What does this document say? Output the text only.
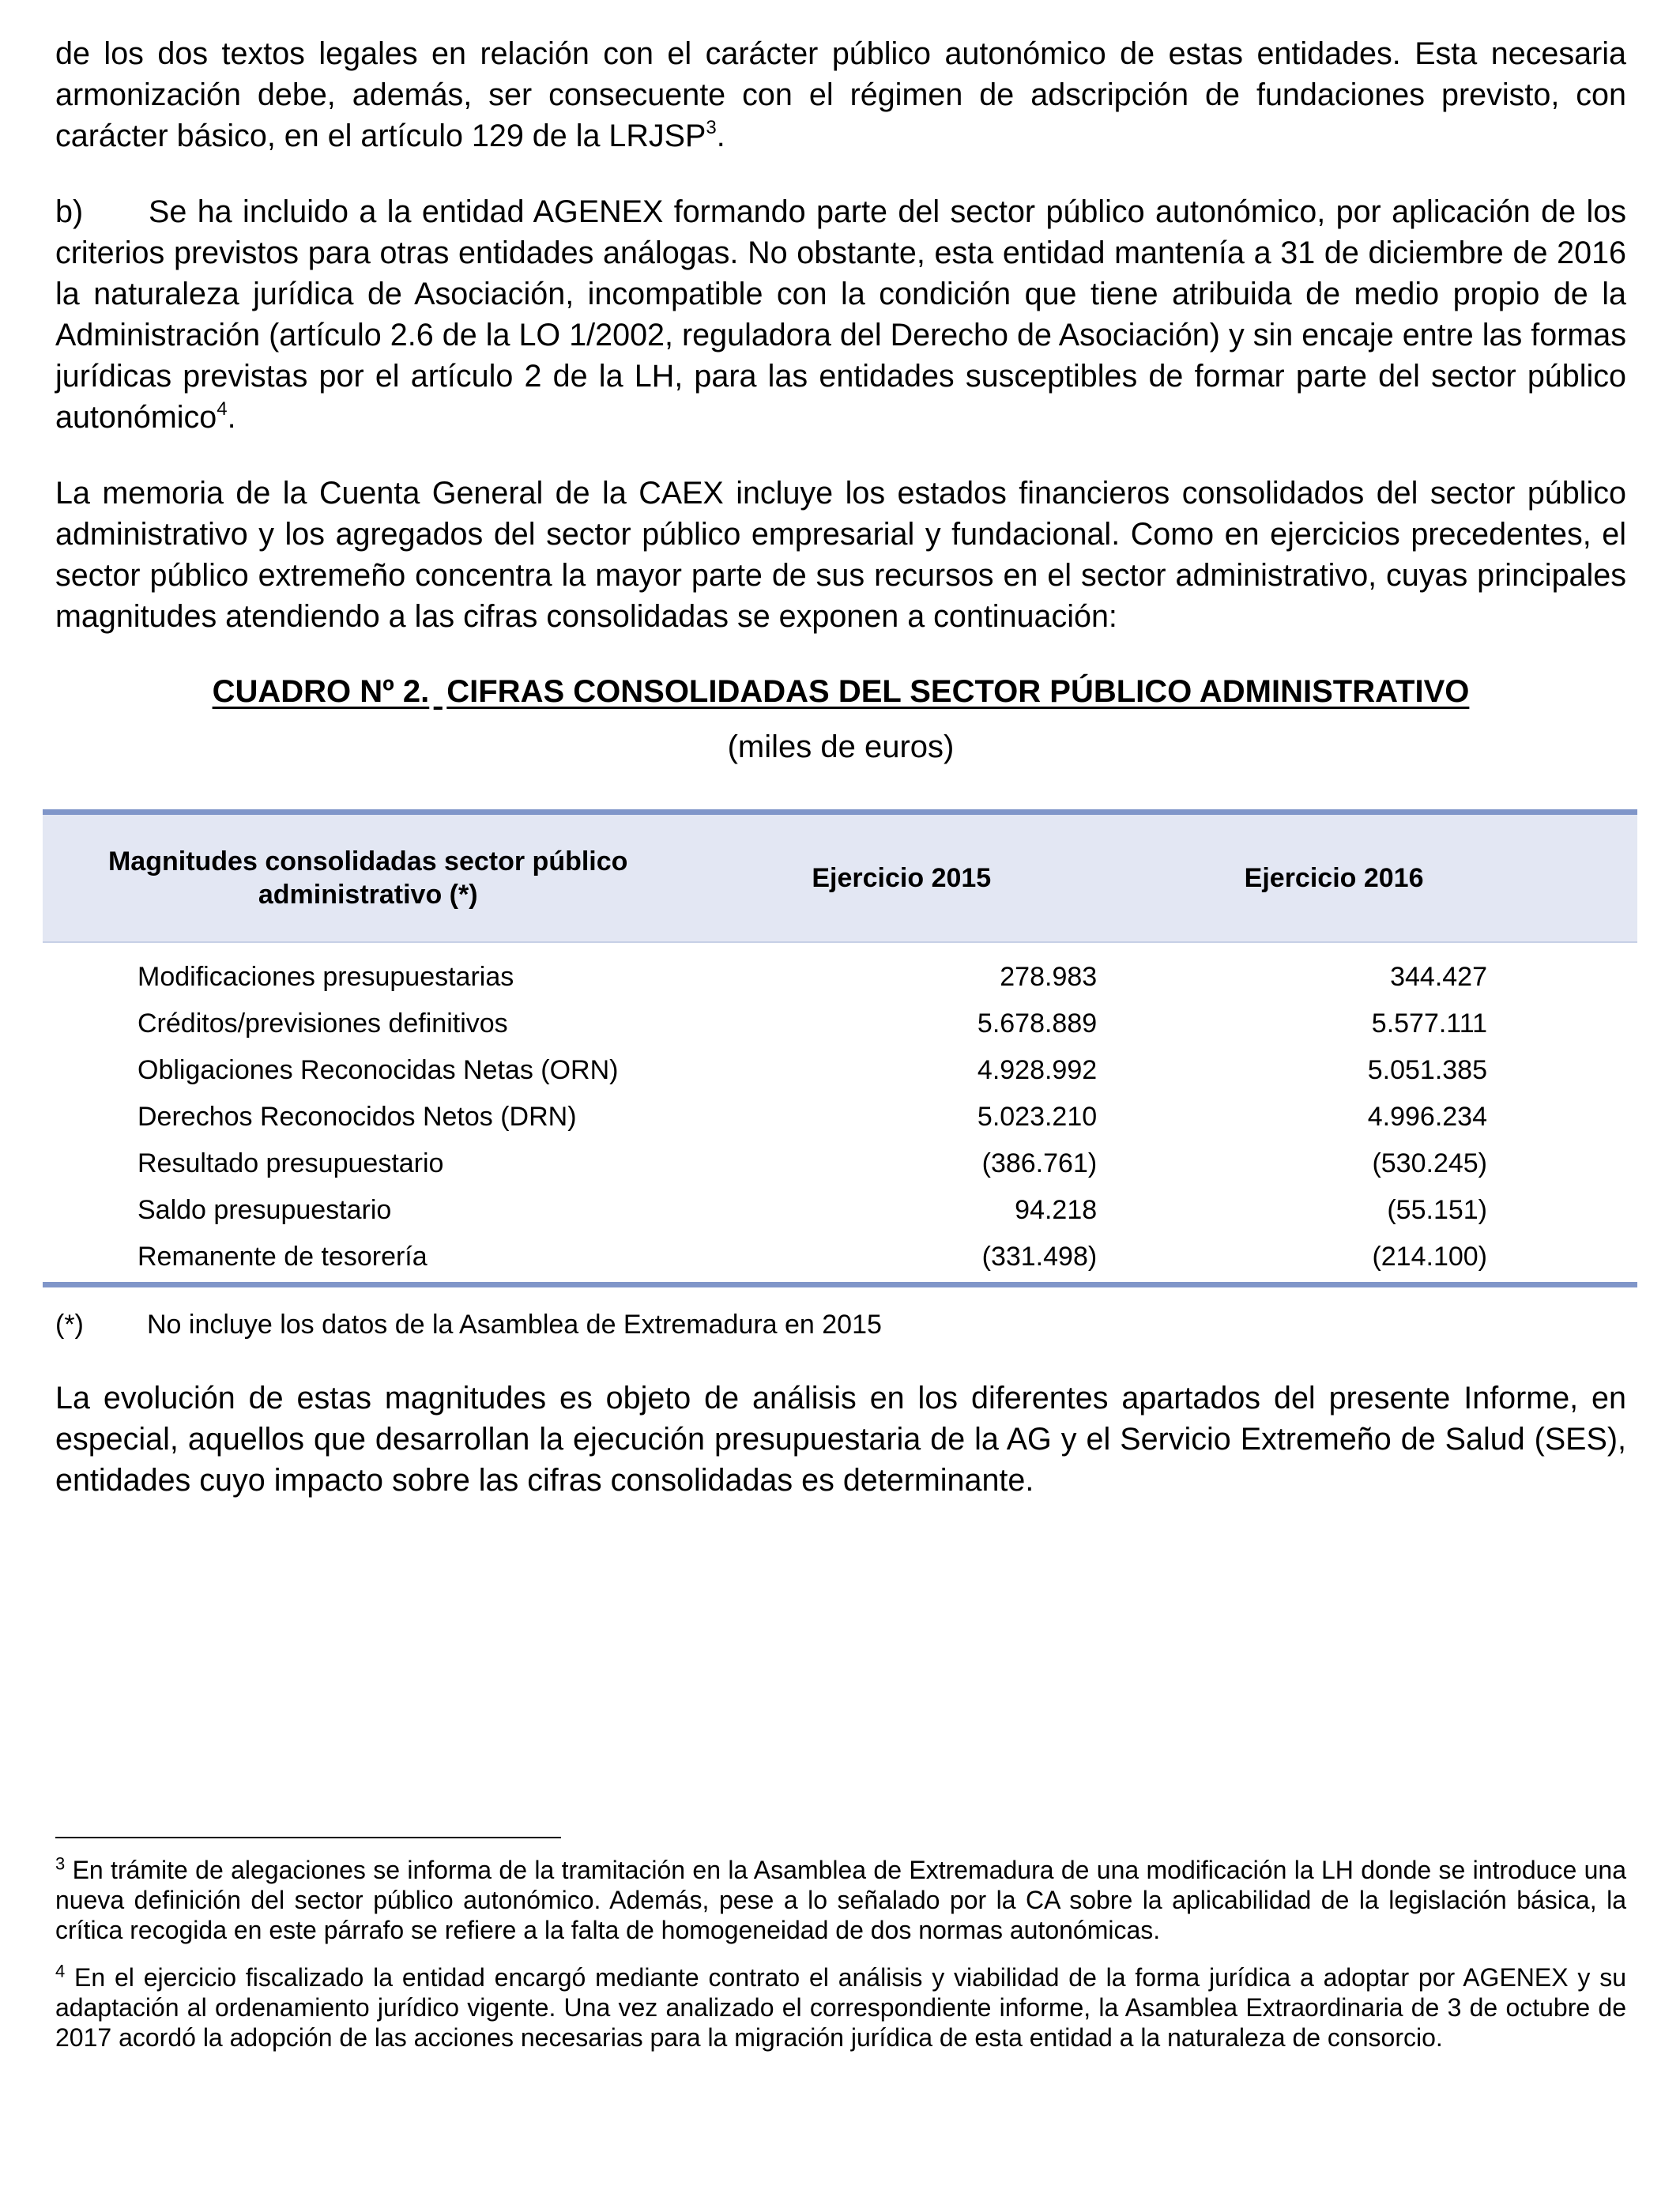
de los dos textos legales en relación con el carácter público autonómico de estas entidades. Esta necesaria armonización debe, además, ser consecuente con el régimen de adscripción de fundaciones previsto, con carácter básico, en el artículo 129 de la LRJSP$^3$.

b) Se ha incluido a la entidad AGENEX formando parte del sector público autonómico, por aplicación de los criterios previstos para otras entidades análogas. No obstante, esta entidad mantenía a 31 de diciembre de 2016 la naturaleza jurídica de Asociación, incompatible con la condición que tiene atribuida de medio propio de la Administración (artículo 2.6 de la LO 1/2002, reguladora del Derecho de Asociación) y sin encaje entre las formas jurídicas previstas por el artículo 2 de la LH, para las entidades susceptibles de formar parte del sector público autonómico$^4$.

La memoria de la Cuenta General de la CAEX incluye los estados financieros consolidados del sector público administrativo y los agregados del sector público empresarial y fundacional. Como en ejercicios precedentes, el sector público extremeño concentra la mayor parte de sus recursos en el sector administrativo, cuyas principales magnitudes atendiendo a las cifras consolidadas se exponen a continuación:

CUADRO Nº 2. CIFRAS CONSOLIDADAS DEL SECTOR PÚBLICO ADMINISTRATIVO
(miles de euros)
Magnitudes consolidadas sector público
administrativo (*)	Ejercicio 2015	Ejercicio 2016
Modificaciones presupuestarias	278.983	344.427
Créditos/previsiones definitivos	5.678.889	5.577.111
Obligaciones Reconocidas Netas (ORN)	4.928.992	5.051.385
Derechos Reconocidos Netos (DRN)	5.023.210	4.996.234
Resultado presupuestario	(386.761)	(530.245)
Saldo presupuestario	94.218	(55.151)
Remanente de tesorería	(331.498)	(214.100)
(*) No incluye los datos de la Asamblea de Extremadura en 2015

La evolución de estas magnitudes es objeto de análisis en los diferentes apartados del presente Informe, en especial, aquellos que desarrollan la ejecución presupuestaria de la AG y el Servicio Extremeño de Salud (SES), entidades cuyo impacto sobre las cifras consolidadas es determinante.

$^3$ En trámite de alegaciones se informa de la tramitación en la Asamblea de Extremadura de una modificación la LH donde se introduce una nueva definición del sector público autonómico. Además, pese a lo señalado por la CA sobre la aplicabilidad de la legislación básica, la crítica recogida en este párrafo se refiere a la falta de homogeneidad de dos normas autonómicas.

$^4$ En el ejercicio fiscalizado la entidad encargó mediante contrato el análisis y viabilidad de la forma jurídica a adoptar por AGENEX y su adaptación al ordenamiento jurídico vigente. Una vez analizado el correspondiente informe, la Asamblea Extraordinaria de 3 de octubre de 2017 acordó la adopción de las acciones necesarias para la migración jurídica de esta entidad a la naturaleza de consorcio.
